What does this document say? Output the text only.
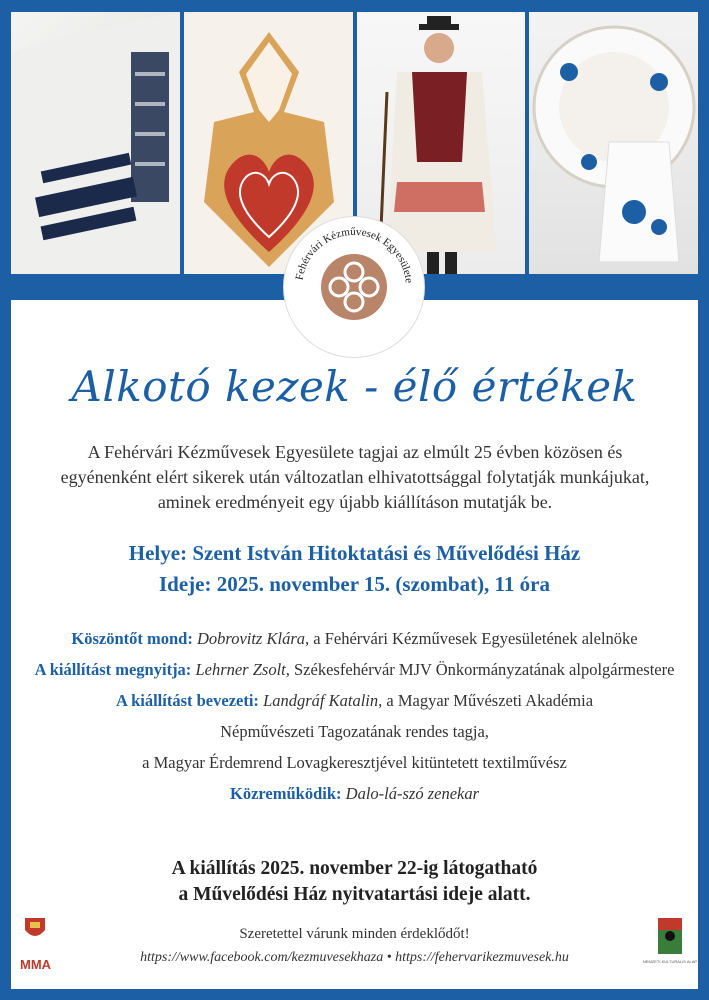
Fehérvári Kézművesek Egyesülete
Alkotó kezek - élő értékek
A Fehérvári Kézművesek Egyesülete tagjai az elmúlt 25 évben közösen és egyénenként elért sikerek után változatlan elhivatottsággal folytatják munkájukat, aminek eredményeit egy újabb kiállításon mutatják be.
Helye: Szent István Hitoktatási és Művelődési Ház
Ideje: 2025. november 15. (szombat), 11 óra
Köszöntőt mond: Dobrovitz Klára, a Fehérvári Kézművesek Egyesületének alelnöke
A kiállítást megnyitja: Lehrner Zsolt, Székesfehérvár MJV Önkormányzatának alpolgármestere
A kiállítást bevezeti: Landgráf Katalin, a Magyar Művészeti Akadémia
Népművészeti Tagozatának rendes tagja,
a Magyar Érdemrend Lovagkeresztjével kitüntetett textilművész
Közreműködik: Dalo-lá-szó zenekar
A kiállítás 2025. november 22-ig látogatható
a Művelődési Ház nyitvatartási ideje alatt.
Szeretettel várunk minden érdeklődőt!
https://www.facebook.com/kezmuvesekhaza • https://fehervarikezmuvesek.hu
MMA	NEMZETI KULTURÁLIS ALAP
